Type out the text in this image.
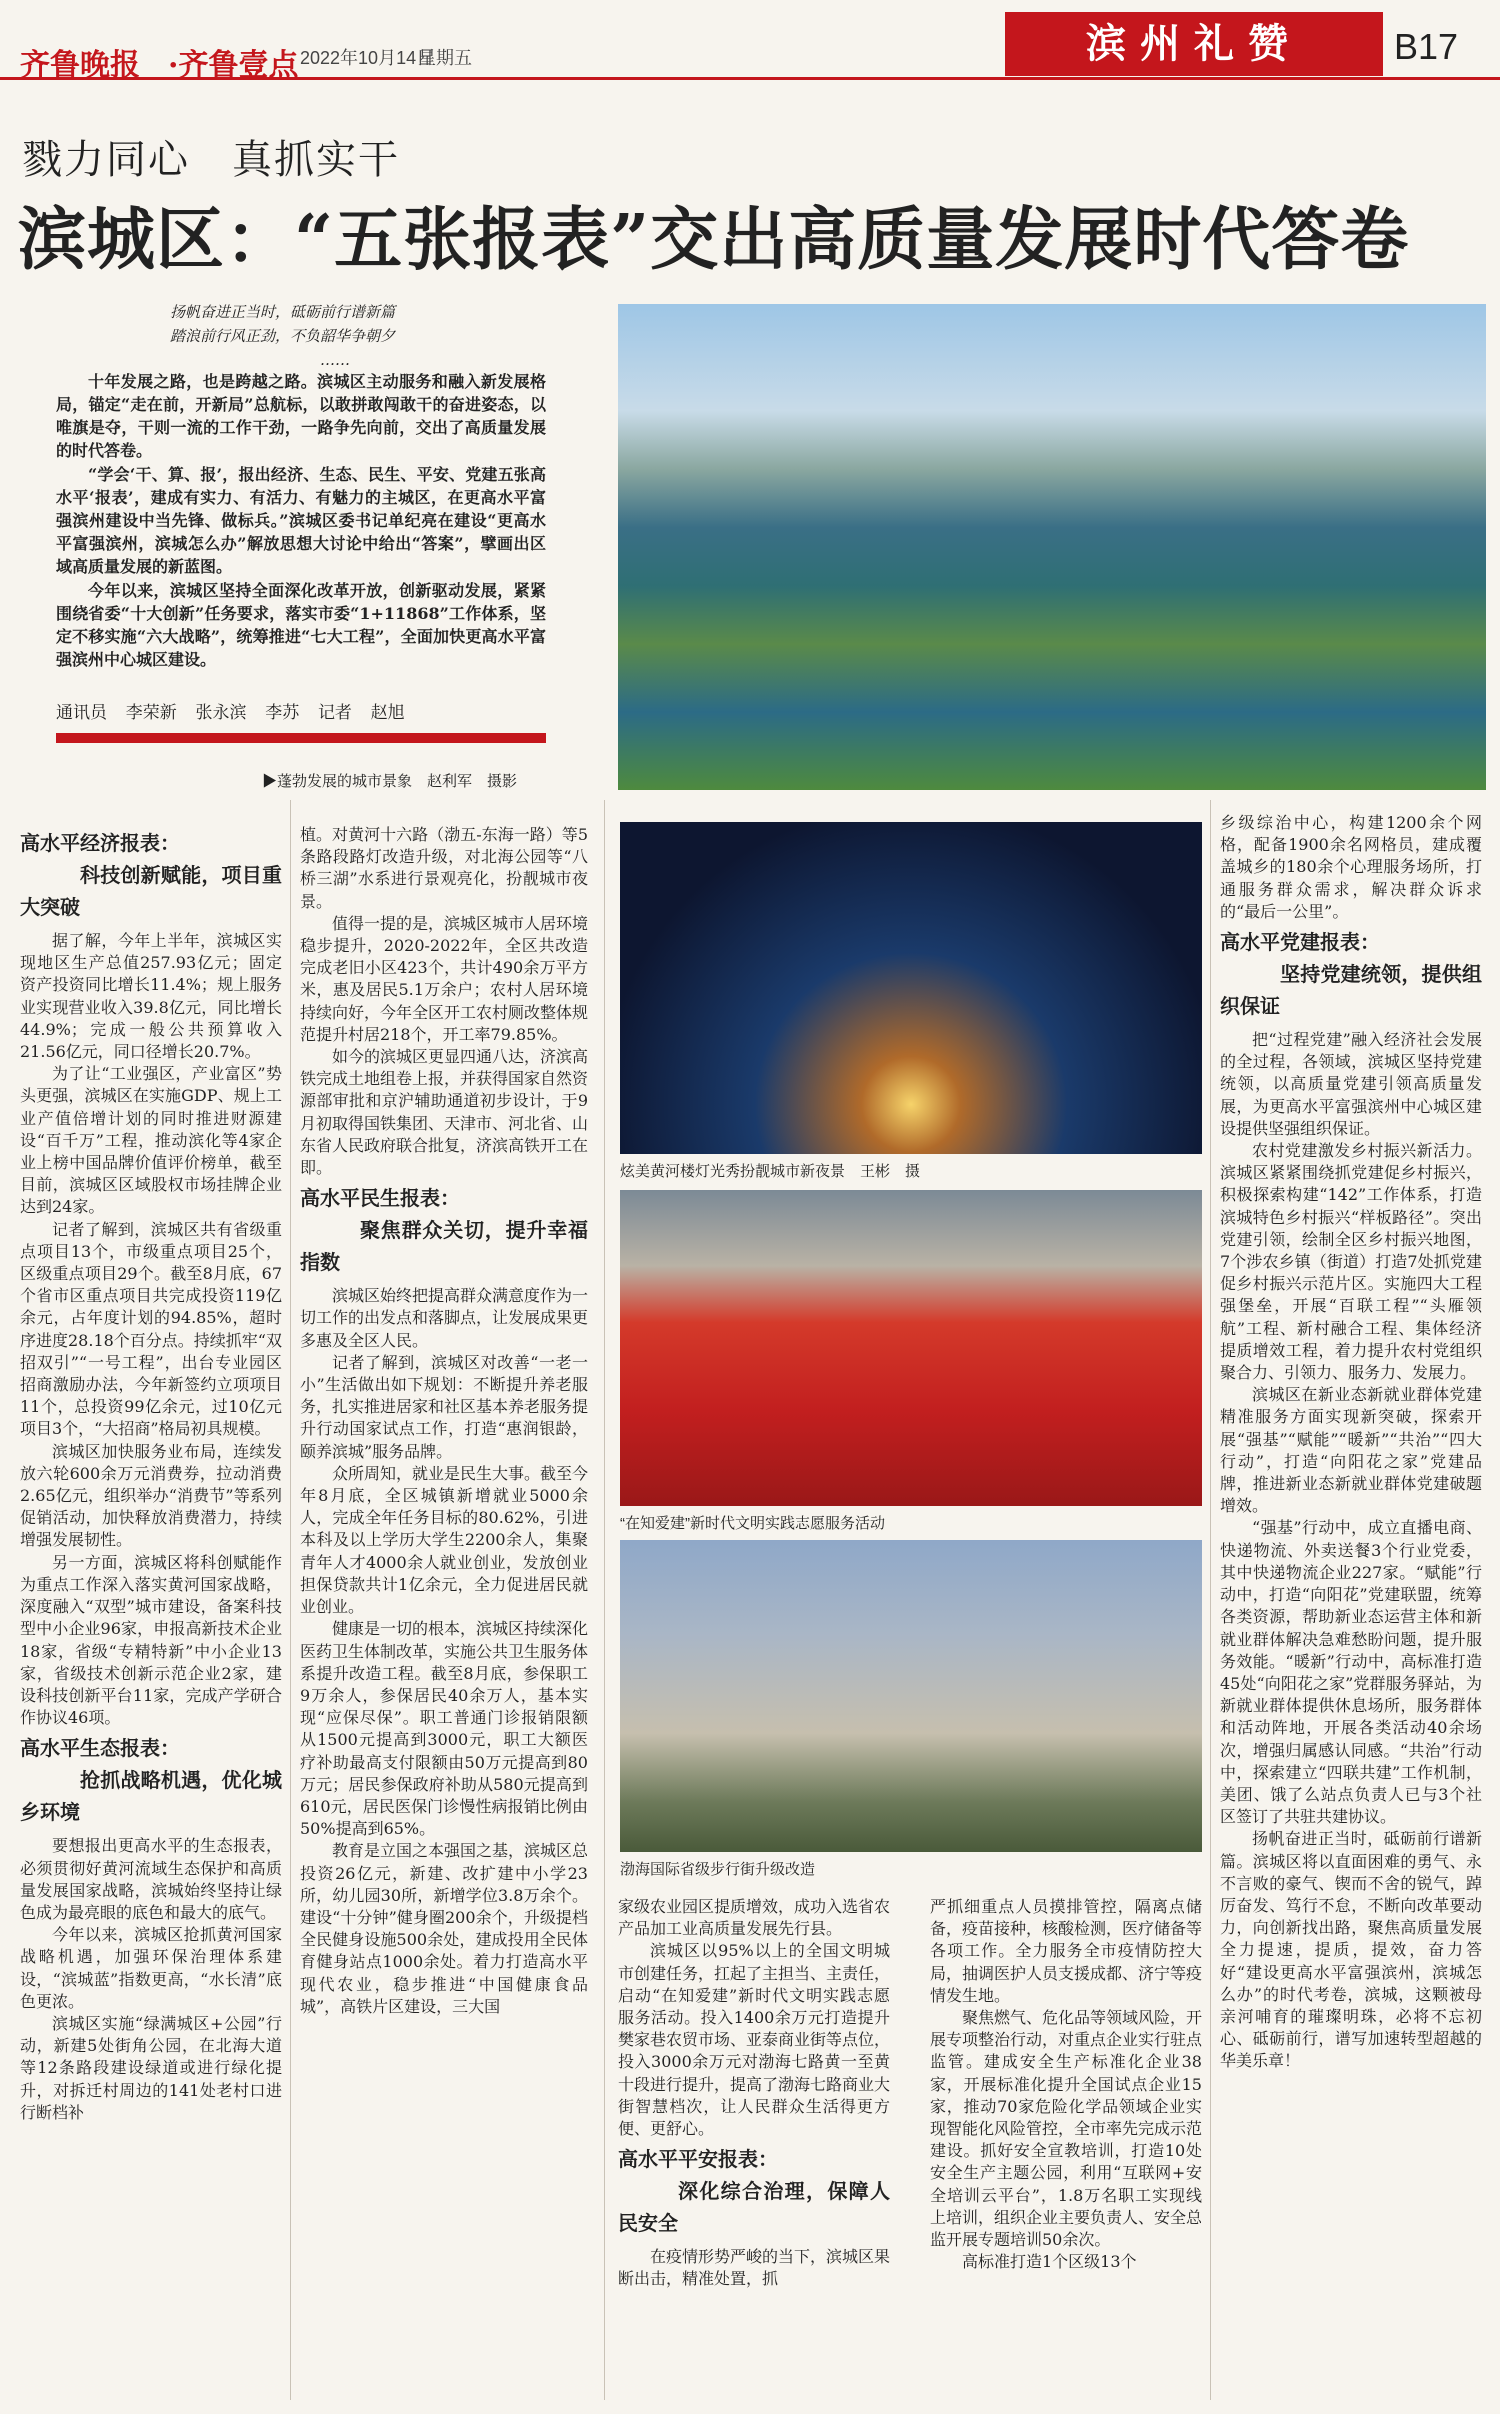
齐鲁晚报 ·齐鲁壹点 2022年10月14日
星期五	滨州礼赞	B17
戮力同心　真抓实干
滨城区：“五张报表”交出高质量发展时代答卷
扬帆奋进正当时，砥砺前行谱新篇
踏浪前行风正劲，不负韶华争朝夕
……

十年发展之路，也是跨越之路。滨城区主动服务和融入新发展格局，锚定“走在前，开新局”总航标，以敢拼敢闯敢干的奋进姿态，以唯旗是夺，干则一流的工作干劲，一路争先向前，交出了高质量发展的时代答卷。

“学会‘干、算、报’，报出经济、生态、民生、平安、党建五张高水平‘报表’，建成有实力、有活力、有魅力的主城区，在更高水平富强滨州建设中当先锋、做标兵。”滨城区委书记单纪亮在建设“更高水平富强滨州，滨城怎么办”解放思想大讨论中给出“答案”，擘画出区域高质量发展的新蓝图。

今年以来，滨城区坚持全面深化改革开放，创新驱动发展，紧紧围绕省委“十大创新”任务要求，落实市委“1+11868”工作体系，坚定不移实施“六大战略”，统筹推进“七大工程”，全面加快更高水平富强滨州中心城区建设。

通讯员 李荣新 张永滨 李苏 记者 赵旭
▶蓬勃发展的城市景象　赵利军　摄影
炫美黄河楼灯光秀扮靓城市新夜景　王彬　摄
“在知爱建”新时代文明实践志愿服务活动
渤海国际省级步行街升级改造
高水平经济报表：
科技创新赋能，项目重大突破

据了解，今年上半年，滨城区实现地区生产总值257.93亿元；固定资产投资同比增长11.4%；规上服务业实现营业收入39.8亿元，同比增长44.9%；完成一般公共预算收入21.56亿元，同口径增长20.7%。

为了让“工业强区，产业富区”势头更强，滨城区在实施GDP、规上工业产值倍增计划的同时推进财源建设“百千万”工程，推动滨化等4家企业上榜中国品牌价值评价榜单，截至目前，滨城区区域股权市场挂牌企业达到24家。

记者了解到，滨城区共有省级重点项目13个，市级重点项目25个，区级重点项目29个。截至8月底，67个省市区重点项目共完成投资119亿余元，占年度计划的94.85%，超时序进度28.18个百分点。持续抓牢“双招双引”“一号工程”，出台专业园区招商激励办法，今年新签约立项项目11个，总投资99亿余元，过10亿元项目3个，“大招商”格局初具规模。

滨城区加快服务业布局，连续发放六轮600余万元消费券，拉动消费2.65亿元，组织举办“消费节”等系列促销活动，加快释放消费潜力，持续增强发展韧性。

另一方面，滨城区将科创赋能作为重点工作深入落实黄河国家战略，深度融入“双型”城市建设，备案科技型中小企业96家，申报高新技术企业18家，省级“专精特新”中小企业13家，省级技术创新示范企业2家，建设科技创新平台11家，完成产学研合作协议46项。

高水平生态报表：
抢抓战略机遇，优化城乡环境

要想报出更高水平的生态报表，必须贯彻好黄河流域生态保护和高质量发展国家战略，滨城始终坚持让绿色成为最亮眼的底色和最大的底气。

今年以来，滨城区抢抓黄河国家战略机遇，加强环保治理体系建设，“滨城蓝”指数更高，“水长清”底色更浓。

滨城区实施“绿满城区+公园”行动，新建5处街角公园，在北海大道等12条路段建设绿道或进行绿化提升，对拆迁村周边的141处老村口进行断档补

植。对黄河十六路（渤五-东海一路）等5条路段路灯改造升级，对北海公园等“八桥三湖”水系进行景观亮化，扮靓城市夜景。

值得一提的是，滨城区城市人居环境稳步提升，2020-2022年，全区共改造完成老旧小区423个，共计490余万平方米，惠及居民5.1万余户；农村人居环境持续向好，今年全区开工农村厕改整体规范提升村居218个，开工率79.85%。

如今的滨城区更显四通八达，济滨高铁完成土地组卷上报，并获得国家自然资源部审批和京沪辅助通道初步设计，于9月初取得国铁集团、天津市、河北省、山东省人民政府联合批复，济滨高铁开工在即。

高水平民生报表：
聚焦群众关切，提升幸福指数

滨城区始终把提高群众满意度作为一切工作的出发点和落脚点，让发展成果更多惠及全区人民。

记者了解到，滨城区对改善“一老一小”生活做出如下规划：不断提升养老服务，扎实推进居家和社区基本养老服务提升行动国家试点工作，打造“惠润银龄，颐养滨城”服务品牌。

众所周知，就业是民生大事。截至今年8月底，全区城镇新增就业5000余人，完成全年任务目标的80.62%，引进本科及以上学历大学生2200余人，集聚青年人才4000余人就业创业，发放创业担保贷款共计1亿余元，全力促进居民就业创业。

健康是一切的根本，滨城区持续深化医药卫生体制改革，实施公共卫生服务体系提升改造工程。截至8月底，参保职工9万余人，参保居民40余万人，基本实现“应保尽保”。职工普通门诊报销限额从1500元提高到3000元，职工大额医疗补助最高支付限额由50万元提高到80万元；居民参保政府补助从580元提高到610元，居民医保门诊慢性病报销比例由50%提高到65%。

教育是立国之本强国之基，滨城区总投资26亿元，新建、改扩建中小学23所，幼儿园30所，新增学位3.8万余个。建设“十分钟”健身圈200余个，升级提档全民健身设施500余处，建成投用全民体育健身站点1000余处。着力打造高水平现代农业，稳步推进“中国健康食品城”，高铁片区建设，三大国

乡级综治中心，构建1200余个网格，配备1900余名网格员，建成覆盖城乡的180余个心理服务场所，打通服务群众需求，解决群众诉求的“最后一公里”。

高水平党建报表：
坚持党建统领，提供组织保证

把“过程党建”融入经济社会发展的全过程，各领域，滨城区坚持党建统领，以高质量党建引领高质量发展，为更高水平富强滨州中心城区建设提供坚强组织保证。

农村党建激发乡村振兴新活力。滨城区紧紧围绕抓党建促乡村振兴，积极探索构建“142”工作体系，打造滨城特色乡村振兴“样板路径”。突出党建引领，绘制全区乡村振兴地图，7个涉农乡镇（街道）打造7处抓党建促乡村振兴示范片区。实施四大工程强堡垒，开展“百联工程”“头雁领航”工程、新村融合工程、集体经济提质增效工程，着力提升农村党组织聚合力、引领力、服务力、发展力。

滨城区在新业态新就业群体党建精准服务方面实现新突破，探索开展“强基”“赋能”“暖新”“共治”“四大行动”，打造“向阳花之家”党建品牌，推进新业态新就业群体党建破题增效。

“强基”行动中，成立直播电商、快递物流、外卖送餐3个行业党委，其中快递物流企业227家。“赋能”行动中，打造“向阳花”党建联盟，统筹各类资源，帮助新业态运营主体和新就业群体解决急难愁盼问题，提升服务效能。“暖新”行动中，高标准打造45处“向阳花之家”党群服务驿站，为新就业群体提供休息场所，服务群体和活动阵地，开展各类活动40余场次，增强归属感认同感。“共治”行动中，探索建立“四联共建”工作机制，美团、饿了么站点负责人已与3个社区签订了共驻共建协议。

扬帆奋进正当时，砥砺前行谱新篇。滨城区将以直面困难的勇气、永不言败的豪气、锲而不舍的锐气，踔厉奋发、笃行不怠，不断向改革要动力，向创新找出路，聚焦高质量发展全力提速，提质，提效，奋力答好“建设更高水平富强滨州，滨城怎么办”的时代考卷，滨城，这颗被母亲河哺育的璀璨明珠，必将不忘初心、砥砺前行，谱写加速转型超越的华美乐章！

家级农业园区提质增效，成功入选省农产品加工业高质量发展先行县。

滨城区以95%以上的全国文明城市创建任务，扛起了主担当、主责任，启动“在知爱建”新时代文明实践志愿服务活动。投入1400余万元打造提升樊家巷农贸市场、亚泰商业街等点位，投入3000余万元对渤海七路黄一至黄十段进行提升，提高了渤海七路商业大街智慧档次，让人民群众生活得更方便、更舒心。

高水平平安报表：
深化综合治理，保障人民安全

在疫情形势严峻的当下，滨城区果断出击，精准处置，抓

严抓细重点人员摸排管控，隔离点储备，疫苗接种，核酸检测，医疗储备等各项工作。全力服务全市疫情防控大局，抽调医护人员支援成都、济宁等疫情发生地。

聚焦燃气、危化品等领域风险，开展专项整治行动，对重点企业实行驻点监管。建成安全生产标准化企业38家，开展标准化提升全国试点企业15家，推动70家危险化学品领域企业实现智能化风险管控，全市率先完成示范建设。抓好安全宣教培训，打造10处安全生产主题公园，利用“互联网+安全培训云平台”，1.8万名职工实现线上培训，组织企业主要负责人、安全总监开展专题培训50余次。

高标准打造1个区级13个
